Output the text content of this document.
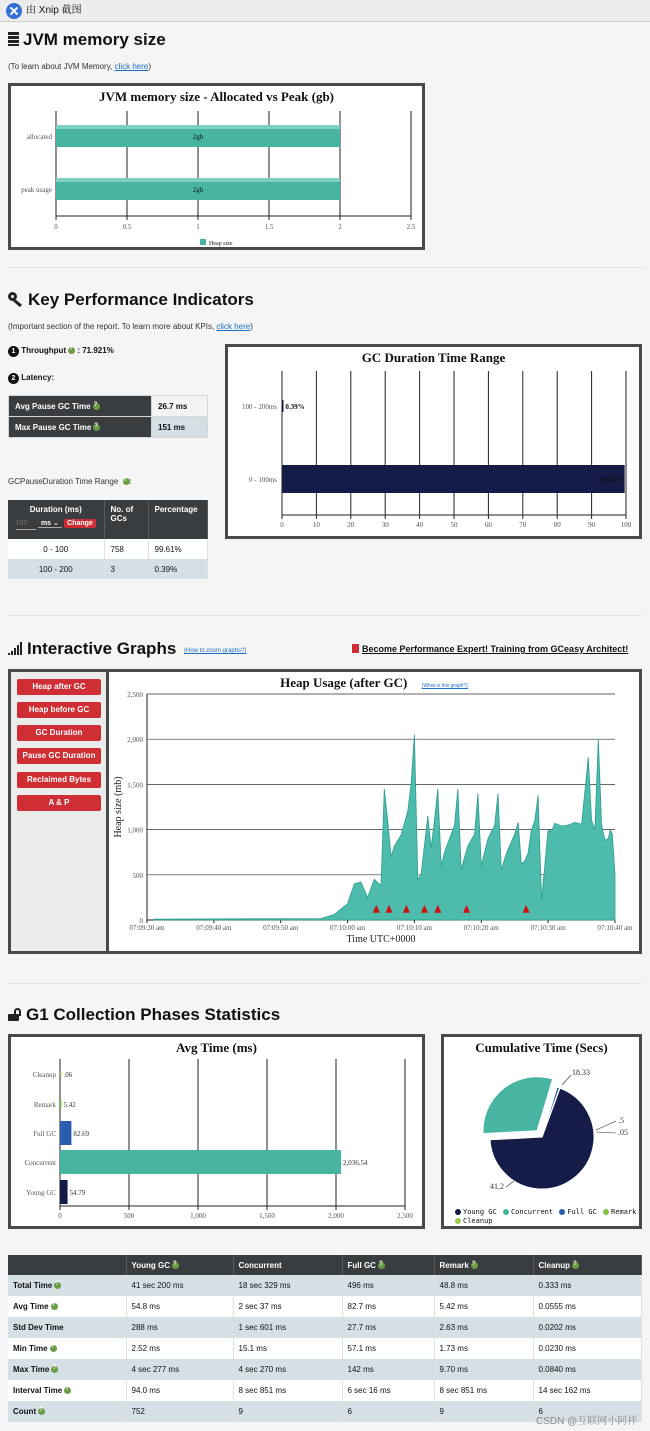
由 Xnip 截图
JVM memory size
(To learn about JVM Memory, click here)
JVM memory size - Allocated vs Peak (gb)
0	0.5	1	1.5	2	2.5
allocated	2gb
peak usage	2gb
Heap size
Key Performance Indicators
(Important section of the report. To learn more about KPIs, click here)
1 Throughput ? : 71.921%
2 Latency:
Avg Pause GC Time?	26.7 ms
Max Pause GC Time?	151 ms
GCPauseDuration Time Range ? :
Duration (ms)
100 ms ⌄ Change	No. of GCs	Percentage
0 - 100	758	99.61%
100 - 200	3	0.39%
GC Duration Time Range
0	10	20	30	40	50	60	70	80	90	100
100 - 200ms 0.39%
0 - 100ms	99.61%
Interactive Graphs (How to zoom graphs?)	Become Performance Expert! Training from GCeasy Architect!
Heap after GC
Heap before GC
GC Duration
Pause GC Duration
Reclaimed Bytes
A & P
Heap Usage (after GC)	(What is this graph?)
0
500
1,000
1,500
2,000
2,500
07:09:30 am	07:09:40 am	07:09:50 am	07:10:00 am	07:10:10 am	07:10:20 am	07:10:30 am	07:10:40 am
Time UTC+0000
Heap size (mb)
G1 Collection Phases Statistics
Avg Time (ms)
0	500	1,000	1,500	2,000	2,500
Cleanup .06
Remark 5.42
Full GC 82.69
Concurrent	2,036.54
Young GC 54.79
Cumulative Time (Secs)
41.2
18.33
.5
.05
Young GC Concurrent Full GC Remark
Cleanup
	Young GC?	Concurrent	Full GC?	Remark?	Cleanup?
Total Time?	41 sec 200 ms	18 sec 329 ms	496 ms	48.8 ms	0.333 ms
Avg Time?	54.8 ms	2 sec 37 ms	82.7 ms	5.42 ms	0.0555 ms
Std Dev Time	288 ms	1 sec 601 ms	27.7 ms	2.63 ms	0.0202 ms
Min Time?	2.52 ms	15.1 ms	57.1 ms	1.73 ms	0.0230 ms
Max Time?	4 sec 277 ms	4 sec 270 ms	142 ms	9.70 ms	0.0840 ms
Interval Time?	94.0 ms	8 sec 851 ms	6 sec 16 ms	8 sec 851 ms	14 sec 162 ms
Count?	752	9	6	9	6
CSDN @互联网小阿祥
